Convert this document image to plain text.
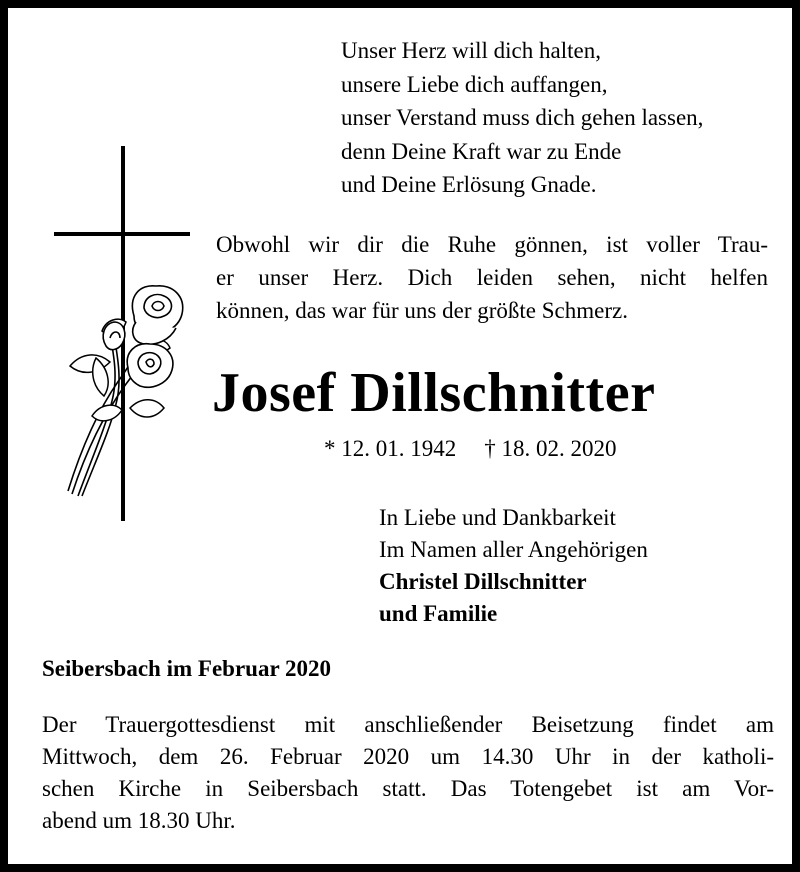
Unser Herz will dich halten,
unsere Liebe dich auffangen,
unser Verstand muss dich gehen lassen,
denn Deine Kraft war zu Ende
und Deine Erlösung Gnade.
Obwohl wir dir die Ruhe gönnen, ist voller Trau-
er unser Herz. Dich leiden sehen, nicht helfen
können, das war für uns der größte Schmerz.
Josef Dillschnitter
* 12. 01. 1942 † 18. 02. 2020
In Liebe und Dankbarkeit
Im Namen aller Angehörigen
Christel Dillschnitter
und Familie
Seibersbach im Februar 2020
Der Trauergottesdienst mit anschließender Beisetzung findet am
Mittwoch, dem 26. Februar 2020 um 14.30 Uhr in der katholi-
schen Kirche in Seibersbach statt. Das Totengebet ist am Vor-
abend um 18.30 Uhr.
